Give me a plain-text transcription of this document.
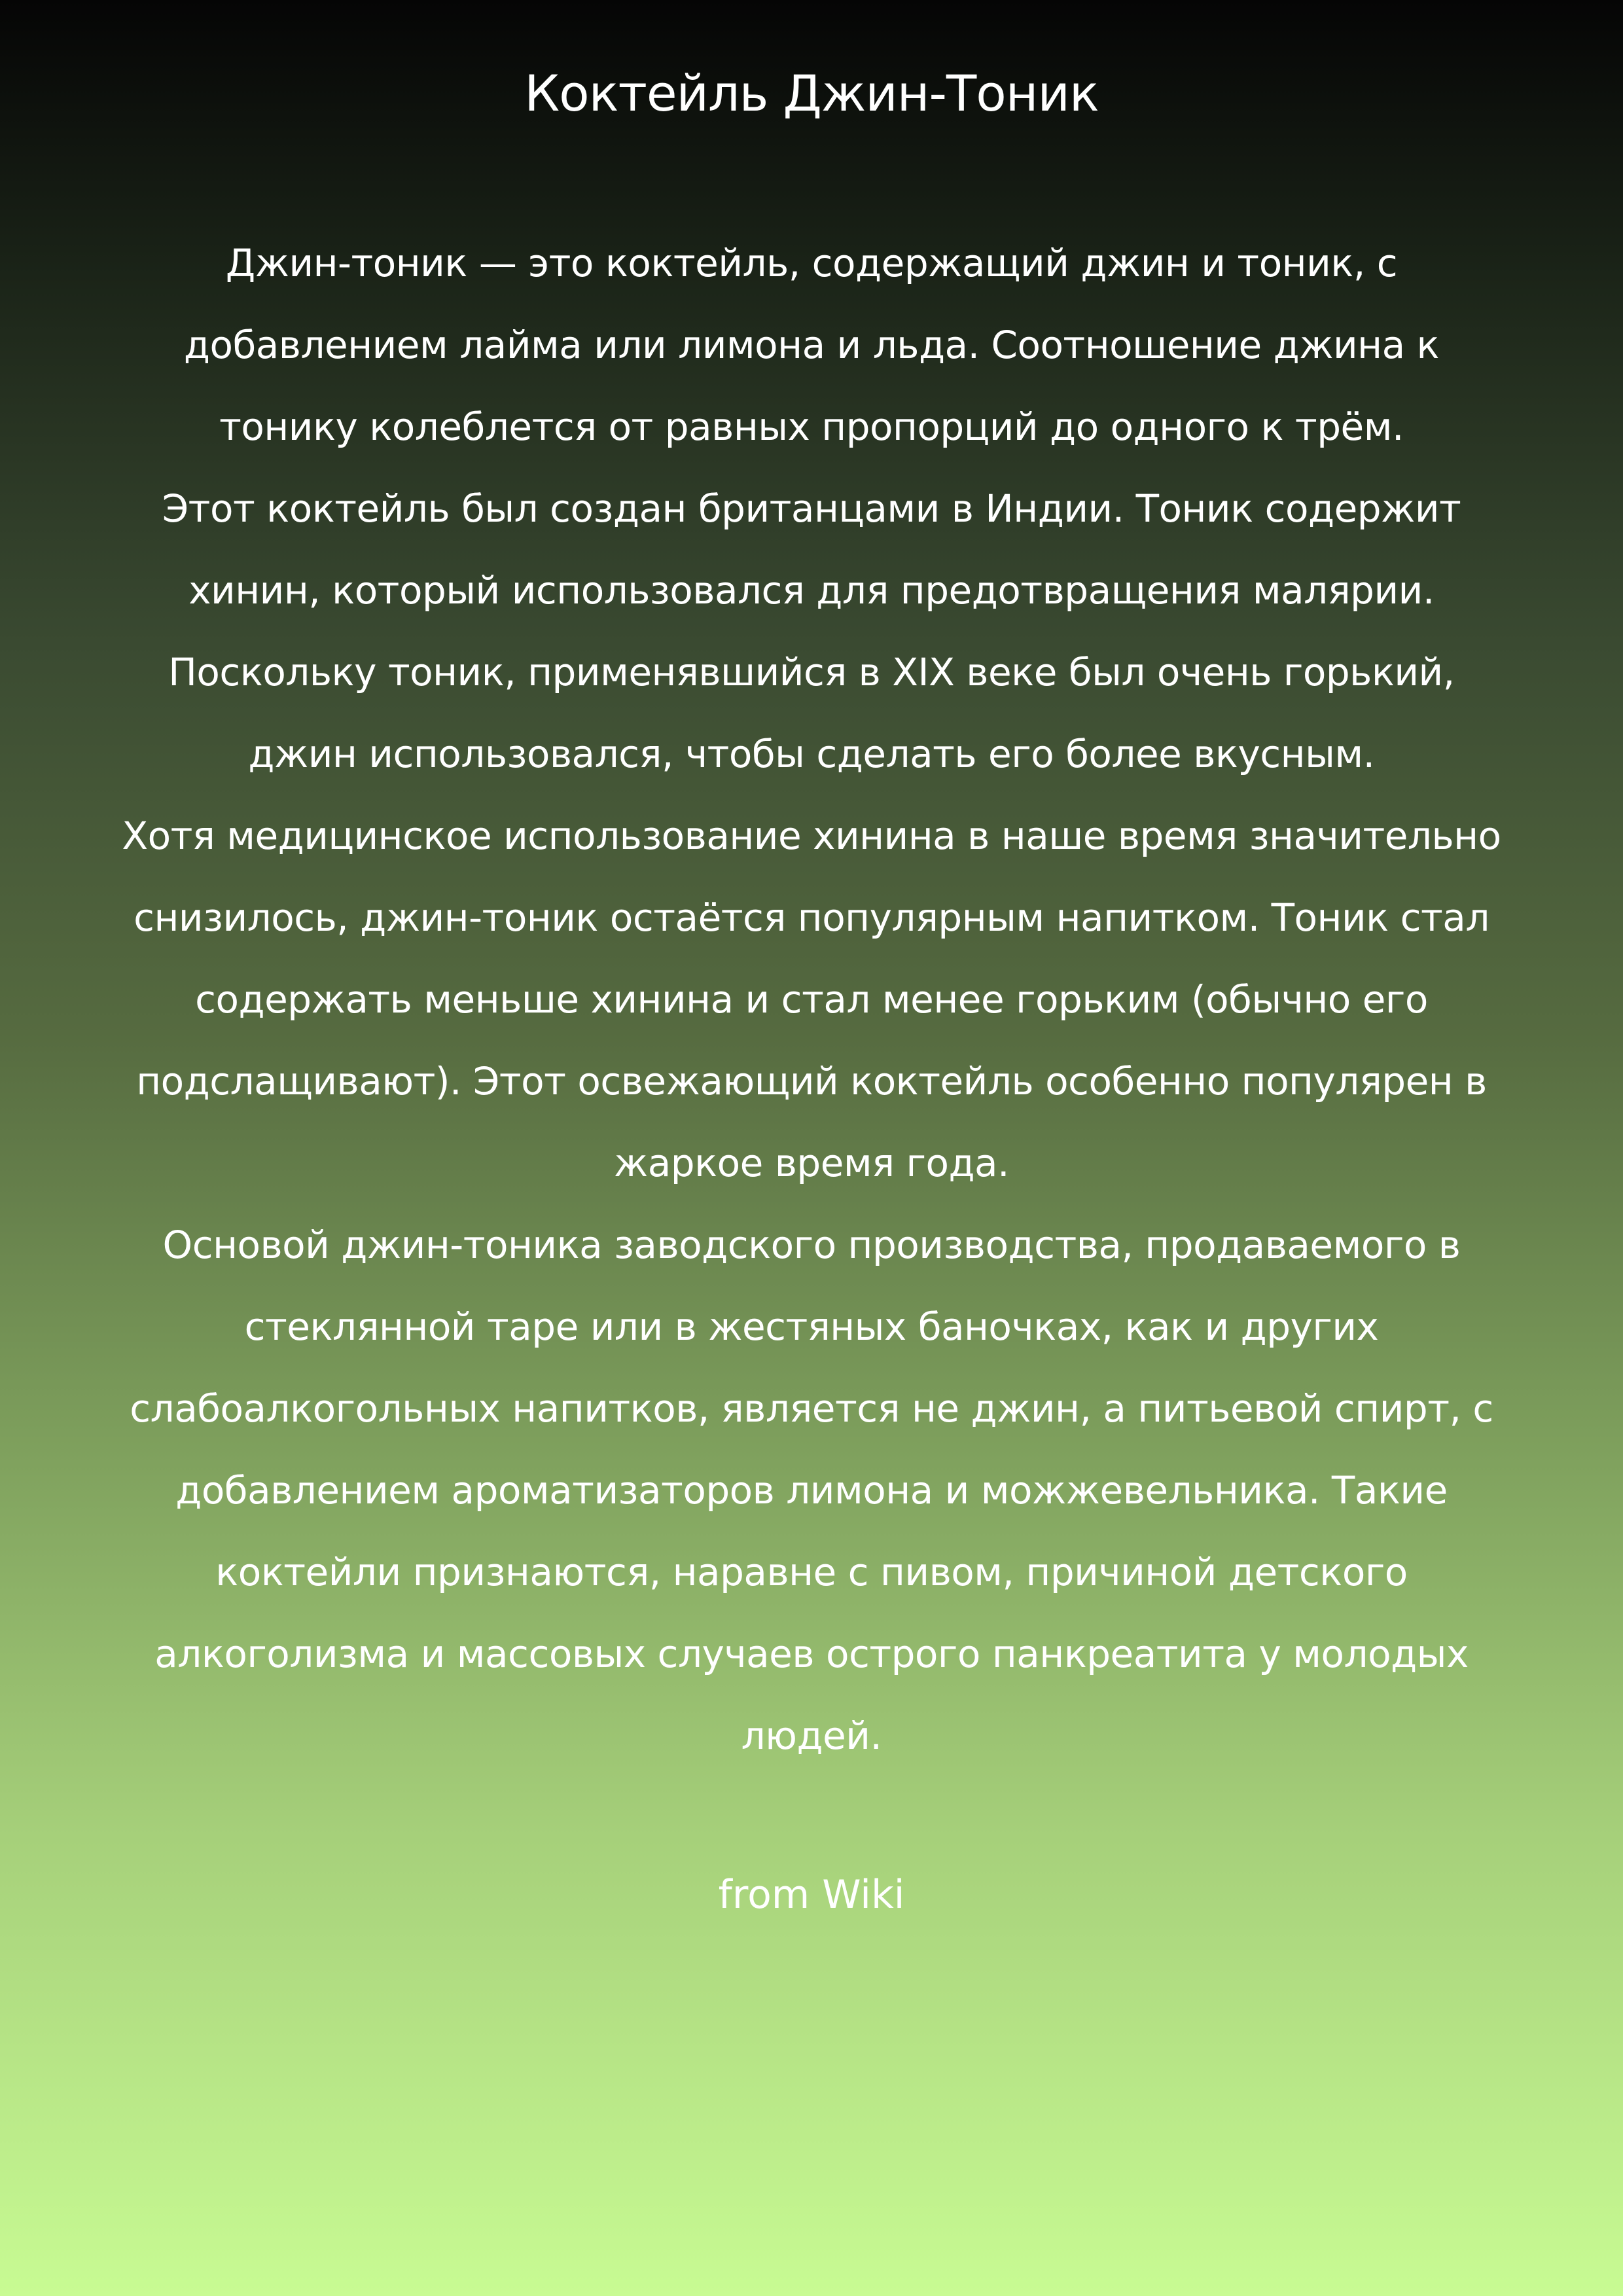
Коктейль Джин-Тоник

Джин-тоник — это коктейль, содержащий джин и тоник, с добавлением лайма или лимона и льда. Соотношение джина к тонику колеблется от равных пропорций до одного к трём.

Этот коктейль был создан британцами в Индии. Тоник содержит хинин, который использовался для предотвращения малярии. Поскольку тоник, применявшийся в XIX веке был очень горький, джин использовался, чтобы сделать его более вкусным.

Хотя медицинское использование хинина в наше время значительно снизилось, джин-тоник остаётся популярным напитком. Тоник стал содержать меньше хинина и стал менее горьким (обычно его подслащивают). Этот освежающий коктейль особенно популярен в жаркое время года.

Основой джин-тоника заводского производства, продаваемого в стеклянной таре или в жестяных баночках, как и других слабоалкогольных напитков, является не джин, а питьевой спирт, с добавлением ароматизаторов лимона и можжевельника. Такие коктейли признаются, наравне с пивом, причиной детского алкоголизма и массовых случаев острого панкреатита у молодых людей.

from Wiki
